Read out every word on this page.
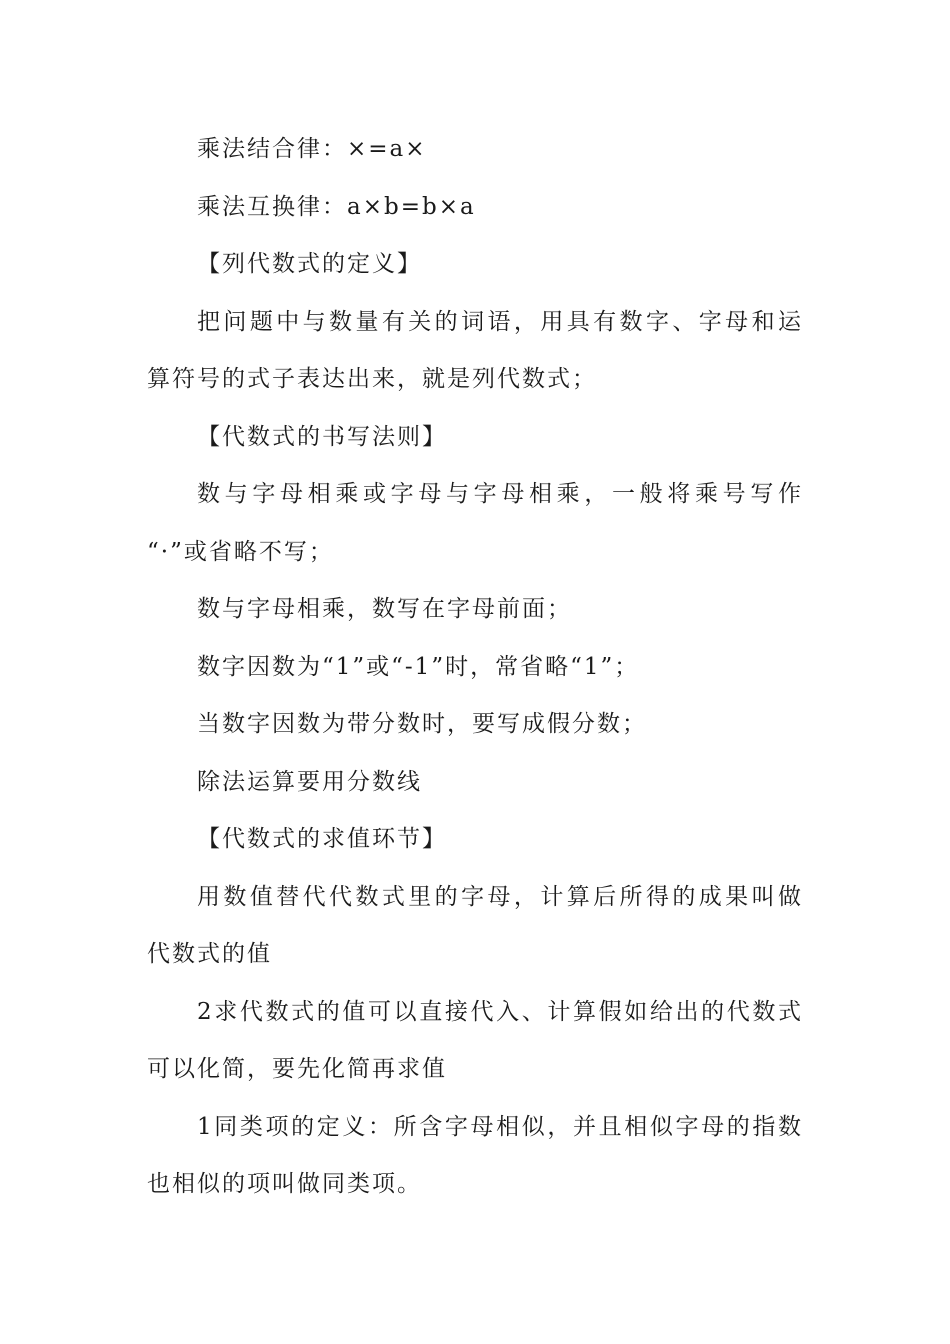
乘法结合律：×=a×
乘法互换律：a×b=b×a
【列代数式的定义】
把问题中与数量有关的词语，用具有数字、字母和运
算符号的式子表达出来，就是列代数式；
【代数式的书写法则】
数与字母相乘或字母与字母相乘，一般将乘号写作
“·”或省略不写；
数与字母相乘，数写在字母前面；
数字因数为“1”或“-1”时，常省略“1”；
当数字因数为带分数时，要写成假分数；
除法运算要用分数线
【代数式的求值环节】
用数值替代代数式里的字母，计算后所得的成果叫做
代数式的值
2求代数式的值可以直接代入、计算假如给出的代数式
可以化简，要先化简再求值
1同类项的定义：所含字母相似，并且相似字母的指数
也相似的项叫做同类项。
